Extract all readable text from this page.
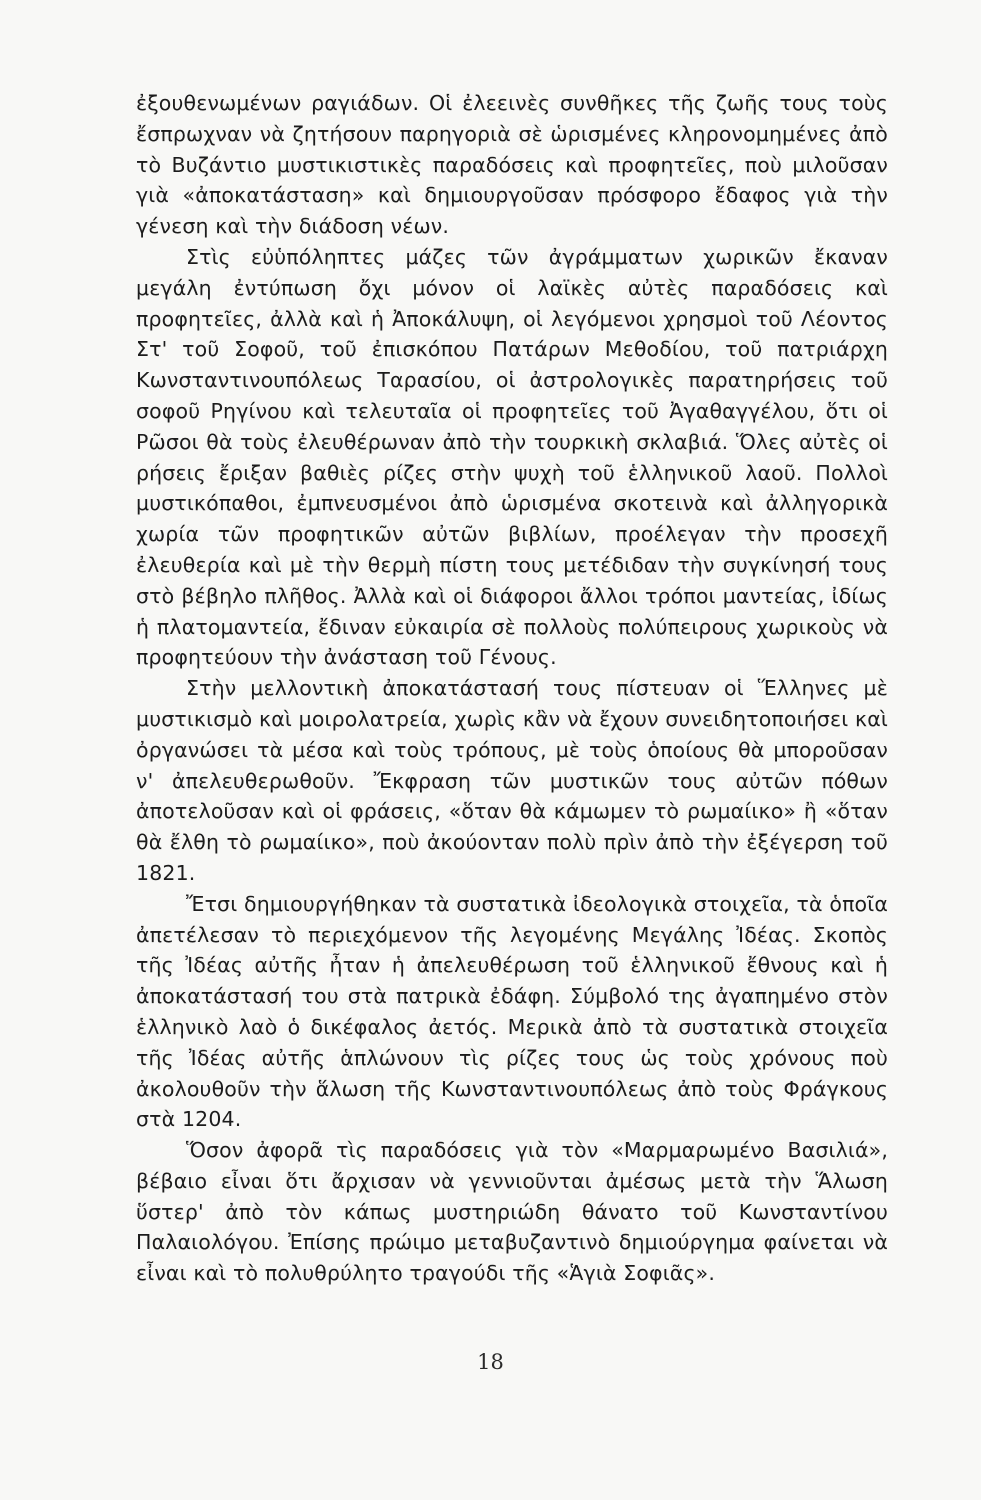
ἐξουθενωμένων ραγιάδων. Οἱ ἐλεεινὲς συνθῆκες τῆς ζωῆς τους τοὺς ἔσπρωχναν νὰ ζητήσουν παρηγοριὰ σὲ ὡρισμένες κληρονομημένες ἀπὸ τὸ Βυζάντιο μυστικιστικὲς παραδόσεις καὶ προφητεῖες, ποὺ μιλοῦσαν γιὰ «ἀποκατάσταση» καὶ δημιουργοῦσαν πρόσφορο ἔδαφος γιὰ τὴν γένεση καὶ τὴν διάδοση νέων.

Στὶς εὐὑπόληπτες μάζες τῶν ἀγράμματων χωρικῶν ἔκαναν μεγάλη ἐντύπωση ὄχι μόνον οἱ λαϊκὲς αὐτὲς παραδόσεις καὶ προφητεῖες, ἀλλὰ καὶ ἡ Ἀποκάλυψη, οἱ λεγόμενοι χρησμοὶ τοῦ Λέοντος Στ' τοῦ Σοφοῦ, τοῦ ἐπισκόπου Πατάρων Μεθοδίου, τοῦ πατριάρχη Κωνσταντινουπόλεως Ταρασίου, οἱ ἀστρολογικὲς παρατηρήσεις τοῦ σοφοῦ Ρηγίνου καὶ τελευταῖα οἱ προφητεῖες τοῦ Ἀγαθαγγέλου, ὅτι οἱ Ρῶσοι θὰ τοὺς ἐλευθέρωναν ἀπὸ τὴν τουρκικὴ σκλαβιά. Ὅλες αὐτὲς οἱ ρήσεις ἔριξαν βαθιὲς ρίζες στὴν ψυχὴ τοῦ ἑλληνικοῦ λαοῦ. Πολλοὶ μυστικόπαθοι, ἐμπνευσμένοι ἀπὸ ὡρισμένα σκοτεινὰ καὶ ἀλληγορικὰ χωρία τῶν προφητικῶν αὐτῶν βιβλίων, προέλεγαν τὴν προσεχῆ ἐλευθερία καὶ μὲ τὴν θερμὴ πίστη τους μετέδιδαν τὴν συγκίνησή τους στὸ βέβηλο πλῆθος. Ἀλλὰ καὶ οἱ διάφοροι ἄλλοι τρόποι μαντείας, ἰδίως ἡ πλατομαντεία, ἔδιναν εὐκαιρία σὲ πολλοὺς πολύπειρους χωρικοὺς νὰ προφητεύουν τὴν ἀνάσταση τοῦ Γένους.

Στὴν μελλοντικὴ ἀποκατάστασή τους πίστευαν οἱ Ἕλληνες μὲ μυστικισμὸ καὶ μοιρολατρεία, χωρὶς κἂν νὰ ἔχουν συνειδητοποιήσει καὶ ὀργανώσει τὰ μέσα καὶ τοὺς τρόπους, μὲ τοὺς ὁποίους θὰ μποροῦσαν ν' ἀπελευθερωθοῦν. Ἔκφραση τῶν μυστικῶν τους αὐτῶν πόθων ἀποτελοῦσαν καὶ οἱ φράσεις, «ὅταν θὰ κάμωμεν τὸ ρωμαίικο» ἢ «ὅταν θὰ ἔλθη τὸ ρωμαίικο», ποὺ ἀκούονταν πολὺ πρὶν ἀπὸ τὴν ἐξέγερση τοῦ 1821.

Ἔτσι δημιουργήθηκαν τὰ συστατικὰ ἰδεολογικὰ στοιχεῖα, τὰ ὁποῖα ἀπετέλεσαν τὸ περιεχόμενον τῆς λεγομένης Μεγάλης Ἰδέας. Σκοπὸς τῆς Ἰδέας αὐτῆς ἦταν ἡ ἀπελευθέρωση τοῦ ἑλληνικοῦ ἔθνους καὶ ἡ ἀποκατάστασή του στὰ πατρικὰ ἐδάφη. Σύμβολό της ἀγαπημένο στὸν ἑλληνικὸ λαὸ ὁ δικέφαλος ἀετός. Μερικὰ ἀπὸ τὰ συστατικὰ στοιχεῖα τῆς Ἰδέας αὐτῆς ἁπλώνουν τὶς ρίζες τους ὡς τοὺς χρόνους ποὺ ἀκολουθοῦν τὴν ἅλωση τῆς Κωνσταντινουπόλεως ἀπὸ τοὺς Φράγκους στὰ 1204.

Ὅσον ἀφορᾶ τὶς παραδόσεις γιὰ τὸν «Μαρμαρωμένο Βασιλιά», βέβαιο εἶναι ὅτι ἄρχισαν νὰ γεννιοῦνται ἀμέσως μετὰ τὴν Ἅλωση ὕστερ' ἀπὸ τὸν κάπως μυστηριώδη θάνατο τοῦ Κωνσταντίνου Παλαιολόγου. Ἐπίσης πρώιμο μεταβυζαντινὸ δημιούργημα φαίνεται νὰ εἶναι καὶ τὸ πολυθρύλητο τραγούδι τῆς «Ἁγιὰ Σοφιᾶς».

18
